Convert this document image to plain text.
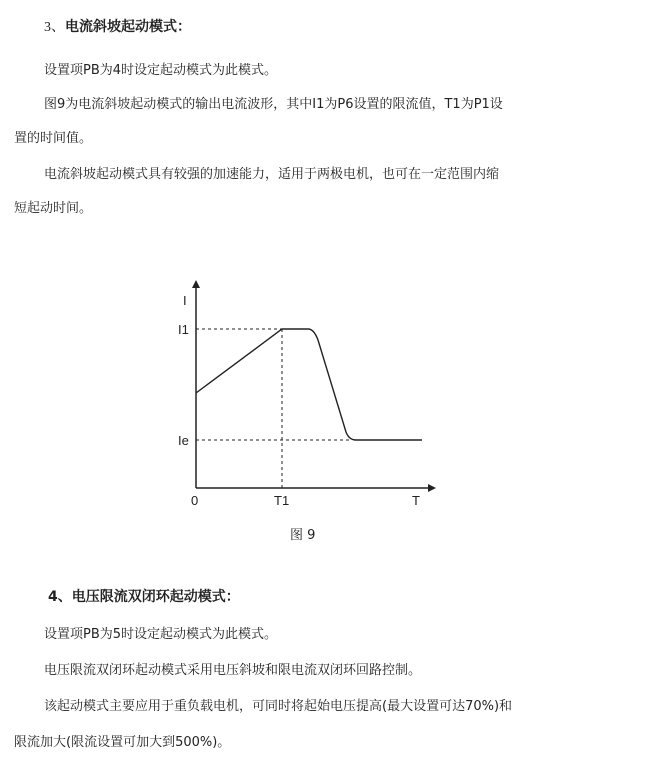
3、电流斜坡起动模式：
设置项PB为4时设定起动模式为此模式。
图9为电流斜坡起动模式的输出电流波形，其中I1为P6设置的限流值，T1为P1设
置的时间值。
电流斜坡起动模式具有较强的加速能力，适用于两极电机，也可在一定范围内缩
短起动时间。
I
I1
Ie
0	T1	T
图 9
4、电压限流双闭环起动模式：
设置项PB为5时设定起动模式为此模式。
电压限流双闭环起动模式采用电压斜坡和限电流双闭环回路控制。
该起动模式主要应用于重负载电机，可同时将起始电压提高(最大设置可达70%)和
限流加大(限流设置可加大到500%)。
